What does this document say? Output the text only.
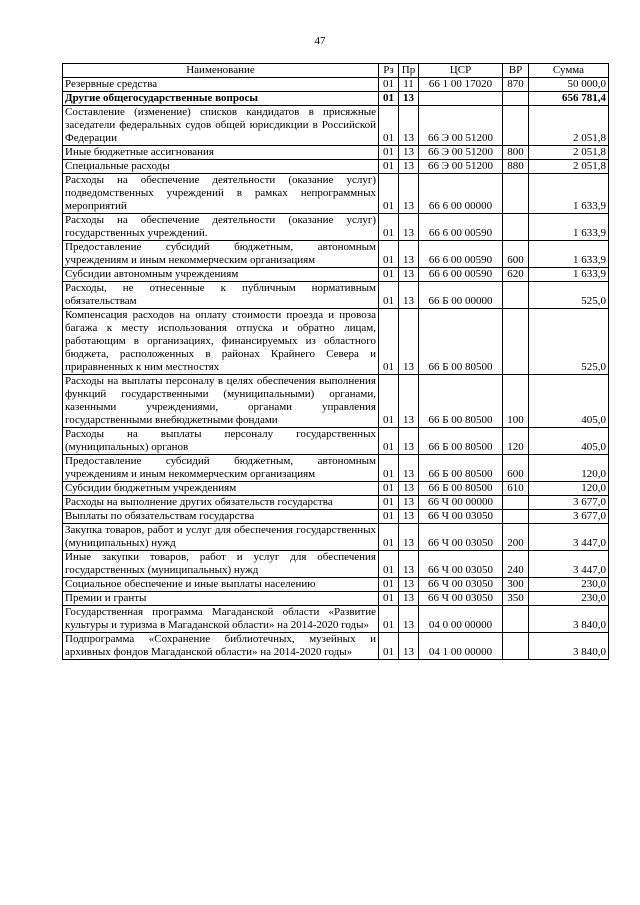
47
Наименование	Рз	Пр	ЦСР	ВР	Сумма
Резервные средства	01	11	66 1 00 17020	870	50 000,0
Другие общегосударственные вопросы	01	13			656 781,4
Составление (изменение) списков кандидатов в присяжные заседатели федеральных судов общей юрисдикции в Российской Федерации	01	13	66 Э 00 51200		2 051,8
Иные бюджетные ассигнования	01	13	66 Э 00 51200	800	2 051,8
Специальные расходы	01	13	66 Э 00 51200	880	2 051,8
Расходы на обеспечение деятельности (оказание услуг) подведомственных учреждений в рамках непрограммных мероприятий	01	13	66 6 00 00000		1 633,9
Расходы на обеспечение деятельности (оказание услуг) государственных учреждений.	01	13	66 6 00 00590		1 633,9
Предоставление субсидий бюджетным, автономным учреждениям и иным некоммерческим организациям	01	13	66 6 00 00590	600	1 633,9
Субсидии автономным учреждениям	01	13	66 6 00 00590	620	1 633,9
Расходы, не отнесенные к публичным нормативным обязательствам	01	13	66 Б 00 00000		525,0
Компенсация расходов на оплату стоимости проезда и провоза багажа к месту использования отпуска и обратно лицам, работающим в организациях, финансируемых из областного бюджета, расположенных в районах Крайнего Севера и приравненных к ним местностях	01	13	66 Б 00 80500		525,0
Расходы на выплаты персоналу в целях обеспечения выполнения функций государственными (муниципальными) органами, казенными учреждениями, органами управления государственными внебюджетными фондами	01	13	66 Б 00 80500	100	405,0
Расходы на выплаты персоналу государственных (муниципальных) органов	01	13	66 Б 00 80500	120	405,0
Предоставление субсидий бюджетным, автономным учреждениям и иным некоммерческим организациям	01	13	66 Б 00 80500	600	120,0
Субсидии бюджетным учреждениям	01	13	66 Б 00 80500	610	120,0
Расходы на выполнение других обязательств государства	01	13	66 Ч 00 00000		3 677,0
Выплаты по обязательствам государства	01	13	66 Ч 00 03050		3 677,0
Закупка товаров, работ и услуг для обеспечения государственных (муниципальных) нужд	01	13	66 Ч 00 03050	200	3 447,0
Иные закупки товаров, работ и услуг для обеспечения государственных (муниципальных) нужд	01	13	66 Ч 00 03050	240	3 447,0
Социальное обеспечение и иные выплаты населению	01	13	66 Ч 00 03050	300	230,0
Премии и гранты	01	13	66 Ч 00 03050	350	230,0
Государственная программа Магаданской области «Развитие культуры и туризма в Магаданской области» на 2014-2020 годы»	01	13	04 0 00 00000		3 840,0
Подпрограмма «Сохранение библиотечных, музейных и архивных фондов Магаданской области» на 2014-2020 годы»	01	13	04 1 00 00000		3 840,0
